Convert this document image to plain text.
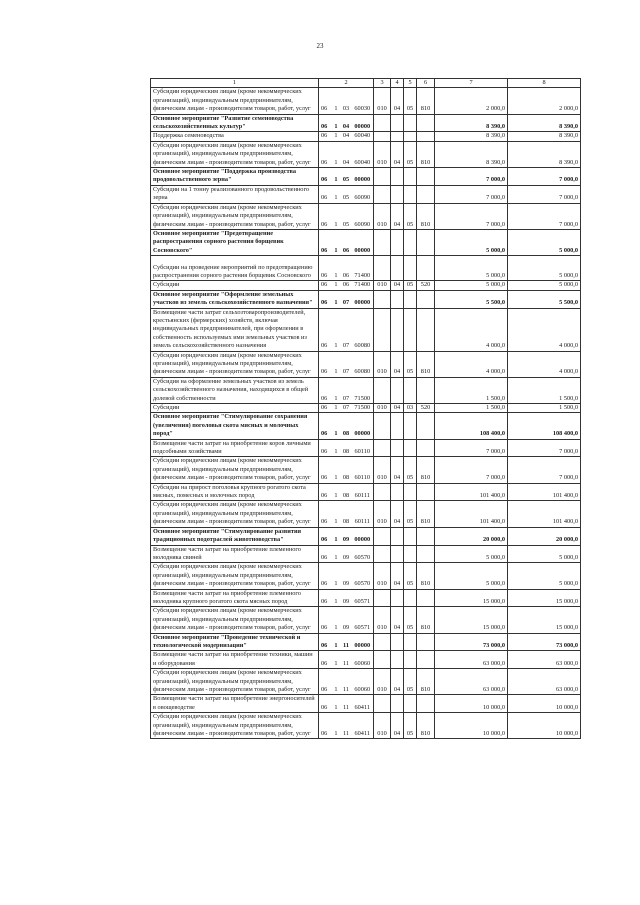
23
1	2				3	4	5	6	7	8
Субсидии юридическим лицам (кроме некоммерческих организаций), индивидуальным предпринимателям, физическим лицам - производителям товаров, работ, услуг	06	1	03	60030	010	04	05	810	2 000,0	2 000,0
Основное мероприятие "Развитие семеноводства сельскохозяйственных культур"	06	1	04	00000					8 390,0	8 390,0
Поддержка семеноводства	06	1	04	60040					8 390,0	8 390,0
Субсидии юридическим лицам (кроме некоммерческих организаций), индивидуальным предпринимателям, физическим лицам - производителям товаров, работ, услуг	06	1	04	60040	010	04	05	810	8 390,0	8 390,0
Основное мероприятие "Поддержка производства продовольственного зерна"	06	1	05	00000					7 000,0	7 000,0
Субсидии на 1 тонну реализованного продовольственного зерна	06	1	05	60090					7 000,0	7 000,0
Субсидии юридическим лицам (кроме некоммерческих организаций), индивидуальным предпринимателям, физическим лицам - производителям товаров, работ, услуг	06	1	05	60090	010	04	05	810	7 000,0	7 000,0
Основное мероприятие "Предотвращение распространения сорного растения борщевик Сосновского"	06	1	06	00000					5 000,0	5 000,0
Субсидии на проведение мероприятий по предотвращению распространения сорного растения борщевик Сосновского	06	1	06	71400					5 000,0	5 000,0
Субсидии	06	1	06	71400	010	04	05	520	5 000,0	5 000,0
Основное мероприятие "Оформление земельных участков из земель сельскохозяйственного назначения"	06	1	07	00000					5 500,0	5 500,0
Возмещение части затрат сельхозтоваропроизводителей, крестьянских (фермерских) хозяйств, включая индивидуальных предпринимателей, при оформлении в собственность используемых ими земельных участков из земель сельскохозяйственного назначения	06	1	07	60080					4 000,0	4 000,0
Субсидии юридическим лицам (кроме некоммерческих организаций), индивидуальным предпринимателям, физическим лицам - производителям товаров, работ, услуг	06	1	07	60080	010	04	05	810	4 000,0	4 000,0
Субсидия на оформление земельных участков из земель сельскохозяйственного назначения, находящихся в общей долевой собственности	06	1	07	71500					1 500,0	1 500,0
Субсидии	06	1	07	71500	010	04	03	520	1 500,0	1 500,0
Основное мероприятие "Стимулирование сохранения (увеличения) поголовья скота мясных и молочных пород"	06	1	08	00000					108 400,0	108 400,0
Возмещение части затрат на приобретение коров личными подсобными хозяйствами	06	1	08	60110					7 000,0	7 000,0
Субсидии юридическим лицам (кроме некоммерческих организаций), индивидуальным предпринимателям, физическим лицам - производителям товаров, работ, услуг	06	1	08	60110	010	04	05	810	7 000,0	7 000,0
Субсидии на прирост поголовья крупного рогатого скота мясных, помесных и молочных пород	06	1	08	60111					101 400,0	101 400,0
Субсидии юридическим лицам (кроме некоммерческих организаций), индивидуальным предпринимателям, физическим лицам - производителям товаров, работ, услуг	06	1	08	60111	010	04	05	810	101 400,0	101 400,0
Основное мероприятие "Стимулирование развития традиционных подотраслей животноводства"	06	1	09	00000					20 000,0	20 000,0
Возмещение части затрат на приобретение племенного молодняка свиней	06	1	09	60570					5 000,0	5 000,0
Субсидии юридическим лицам (кроме некоммерческих организаций), индивидуальным предпринимателям, физическим лицам - производителям товаров, работ, услуг	06	1	09	60570	010	04	05	810	5 000,0	5 000,0
Возмещение части затрат на приобретение племенного молодняка крупного рогатого скота мясных пород	06	1	09	60571					15 000,0	15 000,0
Субсидии юридическим лицам (кроме некоммерческих организаций), индивидуальным предпринимателям, физическим лицам - производителям товаров, работ, услуг	06	1	09	60571	010	04	05	810	15 000,0	15 000,0
Основное мероприятие "Проведение технической и технологической модернизации"	06	1	11	00000					73 000,0	73 000,0
Возмещение части затрат на приобретение техники, машин и оборудования	06	1	11	60060					63 000,0	63 000,0
Субсидии юридическим лицам (кроме некоммерческих организаций), индивидуальным предпринимателям, физическим лицам - производителям товаров, работ, услуг	06	1	11	60060	010	04	05	810	63 000,0	63 000,0
Возмещение части затрат на приобретение энергоносителей в овощеводстве	06	1	11	60411					10 000,0	10 000,0
Субсидии юридическим лицам (кроме некоммерческих организаций), индивидуальным предпринимателям, физическим лицам - производителям товаров, работ, услуг	06	1	11	60411	010	04	05	810	10 000,0	10 000,0
